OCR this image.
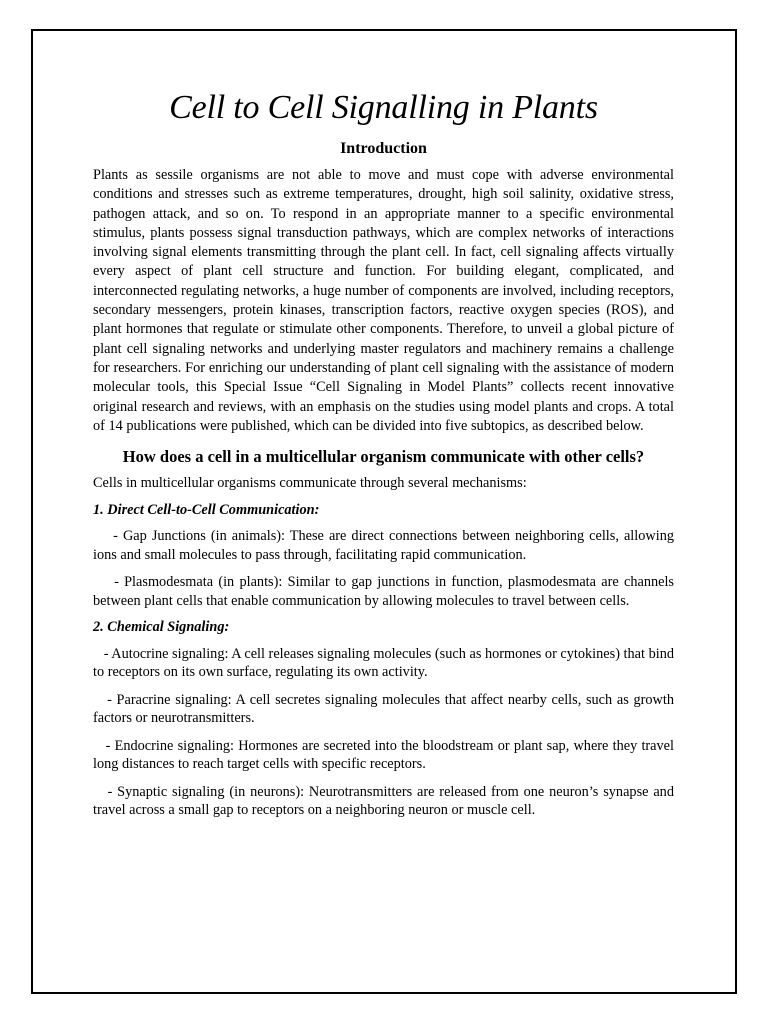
Cell to Cell Signalling in Plants
Introduction

Plants as sessile organisms are not able to move and must cope with adverse environmental conditions and stresses such as extreme temperatures, drought, high soil salinity, oxidative stress, pathogen attack, and so on. To respond in an appropriate manner to a specific environmental stimulus, plants possess signal transduction pathways, which are complex networks of interactions involving signal elements transmitting through the plant cell. In fact, cell signaling affects virtually every aspect of plant cell structure and function. For building elegant, complicated, and interconnected regulating networks, a huge number of components are involved, including receptors, secondary messengers, protein kinases, transcription factors, reactive oxygen species (ROS), and plant hormones that regulate or stimulate other components. Therefore, to unveil a global picture of plant cell signaling networks and underlying master regulators and machinery remains a challenge for researchers. For enriching our understanding of plant cell signaling with the assistance of modern molecular tools, this Special Issue “Cell Signaling in Model Plants” collects recent innovative original research and reviews, with an emphasis on the studies using model plants and crops. A total of 14 publications were published, which can be divided into five subtopics, as described below.

How does a cell in a multicellular organism communicate with other cells?

Cells in multicellular organisms communicate through several mechanisms:

1. Direct Cell-to-Cell Communication:

- Gap Junctions (in animals): These are direct connections between neighboring cells, allowing ions and small molecules to pass through, facilitating rapid communication.

- Plasmodesmata (in plants): Similar to gap junctions in function, plasmodesmata are channels between plant cells that enable communication by allowing molecules to travel between cells.

2. Chemical Signaling:

- Autocrine signaling: A cell releases signaling molecules (such as hormones or cytokines) that bind to receptors on its own surface, regulating its own activity.

- Paracrine signaling: A cell secretes signaling molecules that affect nearby cells, such as growth factors or neurotransmitters.

- Endocrine signaling: Hormones are secreted into the bloodstream or plant sap, where they travel long distances to reach target cells with specific receptors.

- Synaptic signaling (in neurons): Neurotransmitters are released from one neuron’s synapse and travel across a small gap to receptors on a neighboring neuron or muscle cell.
